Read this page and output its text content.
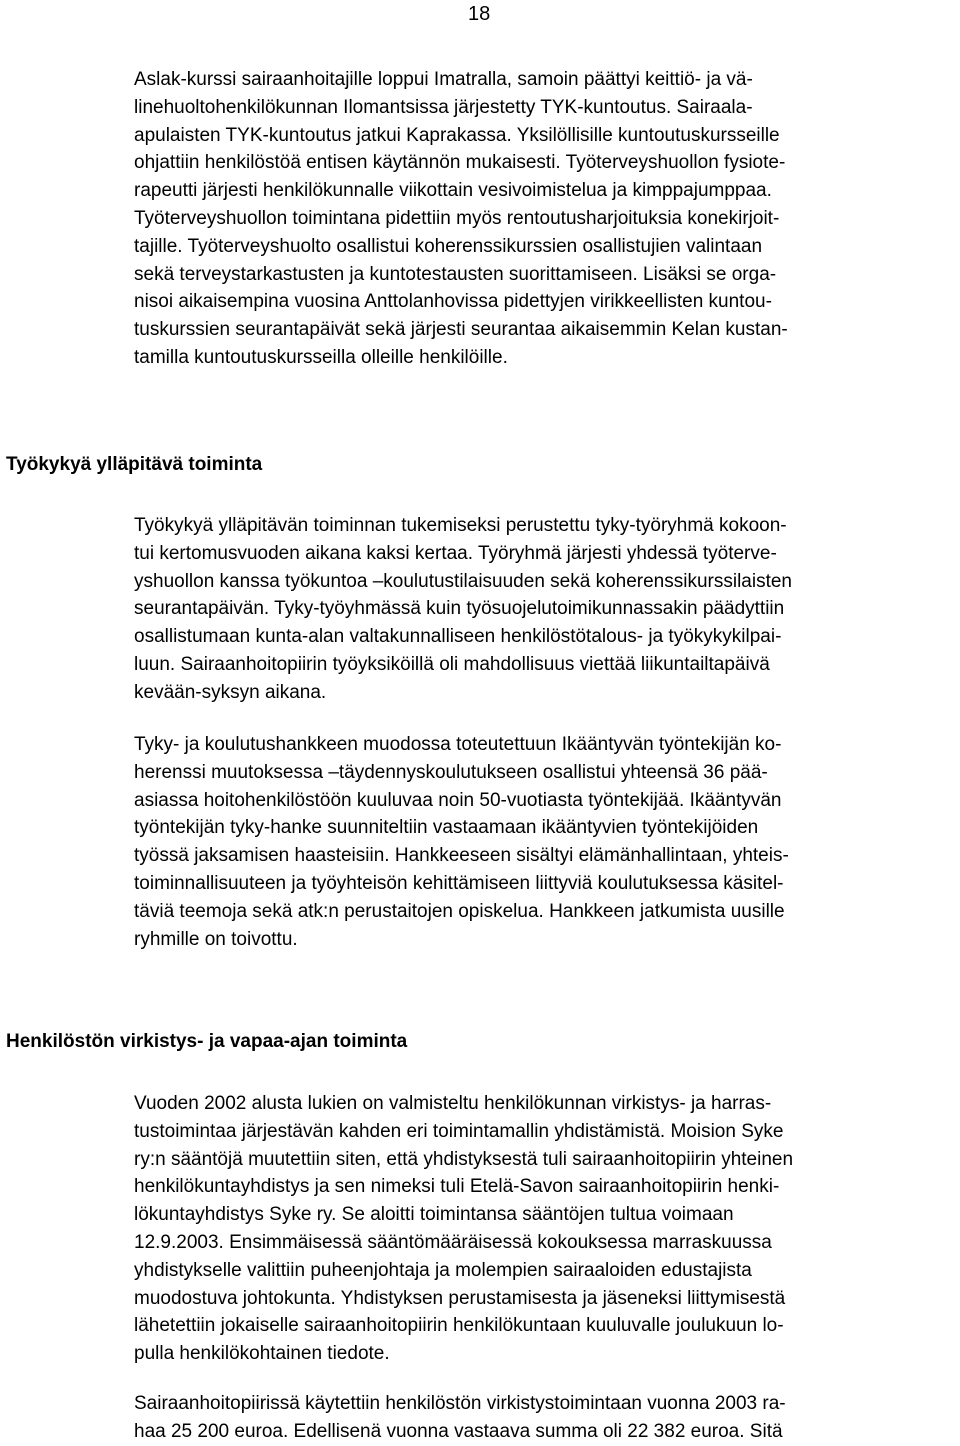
18
Aslak-kurssi sairaanhoitajille loppui Imatralla, samoin päättyi keittiö- ja vä-
linehuoltohenkilökunnan Ilomantsissa järjestetty TYK-kuntoutus. Sairaala-
apulaisten TYK-kuntoutus jatkui Kaprakassa. Yksilöllisille kuntoutuskursseille
ohjattiin henkilöstöä entisen käytännön mukaisesti. Työterveyshuollon fysiote-
rapeutti järjesti henkilökunnalle viikottain vesivoimistelua ja kimppajumppaa.
Työterveyshuollon toimintana pidettiin myös rentoutusharjoituksia konekirjoit-
tajille. Työterveyshuolto osallistui koherenssikurssien osallistujien valintaan
sekä terveystarkastusten ja kuntotestausten suorittamiseen. Lisäksi se orga-
nisoi aikaisempina vuosina Anttolanhovissa pidettyjen virikkeellisten kuntou-
tuskurssien seurantapäivät sekä järjesti seurantaa aikaisemmin Kelan kustan-
tamilla kuntoutuskursseilla olleille henkilöille.
Työkykyä ylläpitävä toiminta
Työkykyä ylläpitävän toiminnan tukemiseksi perustettu tyky-työryhmä kokoon-
tui kertomusvuoden aikana kaksi kertaa. Työryhmä järjesti yhdessä työterve-
yshuollon kanssa työkuntoa –koulutustilaisuuden sekä koherenssikurssilaisten
seurantapäivän. Tyky-työyhmässä kuin työsuojelutoimikunnassakin päädyttiin
osallistumaan kunta-alan valtakunnalliseen henkilöstötalous- ja työkykykilpai-
luun. Sairaanhoitopiirin työyksiköillä oli mahdollisuus viettää liikuntailtapäivä
kevään-syksyn aikana.
Tyky- ja koulutushankkeen muodossa toteutettuun Ikääntyvän työntekijän ko-
herenssi muutoksessa –täydennyskoulutukseen osallistui yhteensä 36 pää-
asiassa hoitohenkilöstöön kuuluvaa noin 50-vuotiasta työntekijää. Ikääntyvän
työntekijän tyky-hanke suunniteltiin vastaamaan ikääntyvien työntekijöiden
työssä jaksamisen haasteisiin. Hankkeeseen sisältyi elämänhallintaan, yhteis-
toiminnallisuuteen ja työyhteisön kehittämiseen liittyviä koulutuksessa käsitel-
täviä teemoja sekä atk:n perustaitojen opiskelua. Hankkeen jatkumista uusille
ryhmille on toivottu.
Henkilöstön virkistys- ja vapaa-ajan toiminta
Vuoden 2002 alusta lukien on valmisteltu henkilökunnan virkistys- ja harras-
tustoimintaa järjestävän kahden eri toimintamallin yhdistämistä. Moision Syke
ry:n sääntöjä muutettiin siten, että yhdistyksestä tuli sairaanhoitopiirin yhteinen
henkilökuntayhdistys ja sen nimeksi tuli Etelä-Savon sairaanhoitopiirin henki-
lökuntayhdistys Syke ry. Se aloitti toimintansa sääntöjen tultua voimaan
12.9.2003. Ensimmäisessä sääntömääräisessä kokouksessa marraskuussa
yhdistykselle valittiin puheenjohtaja ja molempien sairaaloiden edustajista
muodostuva johtokunta. Yhdistyksen perustamisesta ja jäseneksi liittymisestä
lähetettiin jokaiselle sairaanhoitopiirin henkilökuntaan kuuluvalle joulukuun lo-
pulla henkilökohtainen tiedote.
Sairaanhoitopiirissä käytettiin henkilöstön virkistystoimintaan vuonna 2003 ra-
haa 25 200 euroa. Edellisenä vuonna vastaava summa oli 22 382 euroa. Sitä
